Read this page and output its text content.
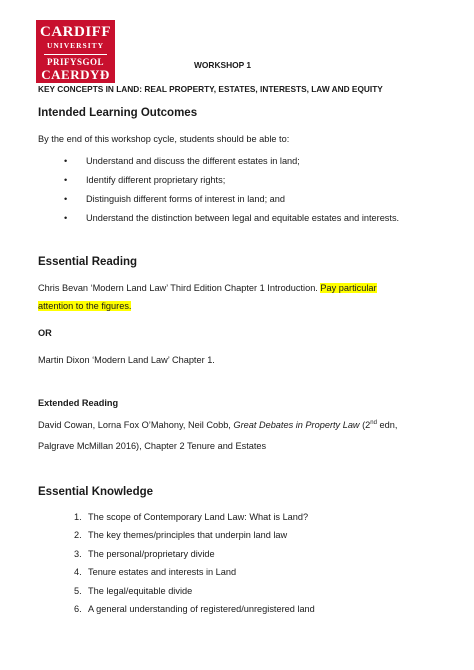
CARDIFF
UNIVERSITY
PRIFYSGOL
CAERDYÐ
WORKSHOP 1
KEY CONCEPTS IN LAND: REAL PROPERTY, ESTATES, INTERESTS, LAW AND EQUITY
Intended Learning Outcomes
By the end of this workshop cycle, students should be able to:
• Understand and discuss the different estates in land;
• Identify different proprietary rights;
• Distinguish different forms of interest in land; and
• Understand the distinction between legal and equitable estates and interests.
Essential Reading
Chris Bevan ‘Modern Land Law’ Third Edition Chapter 1 Introduction. Pay particular
attention to the figures.
OR
Martin Dixon ‘Modern Land Law’ Chapter 1.
Extended Reading
David Cowan, Lorna Fox O’Mahony, Neil Cobb, Great Debates in Property Law (2nd edn,
Palgrave McMillan 2016), Chapter 2 Tenure and Estates
Essential Knowledge
1. The scope of Contemporary Land Law: What is Land?
2. The key themes/principles that underpin land law
3. The personal/proprietary divide
4. Tenure estates and interests in Land
5. The legal/equitable divide
6. A general understanding of registered/unregistered land
